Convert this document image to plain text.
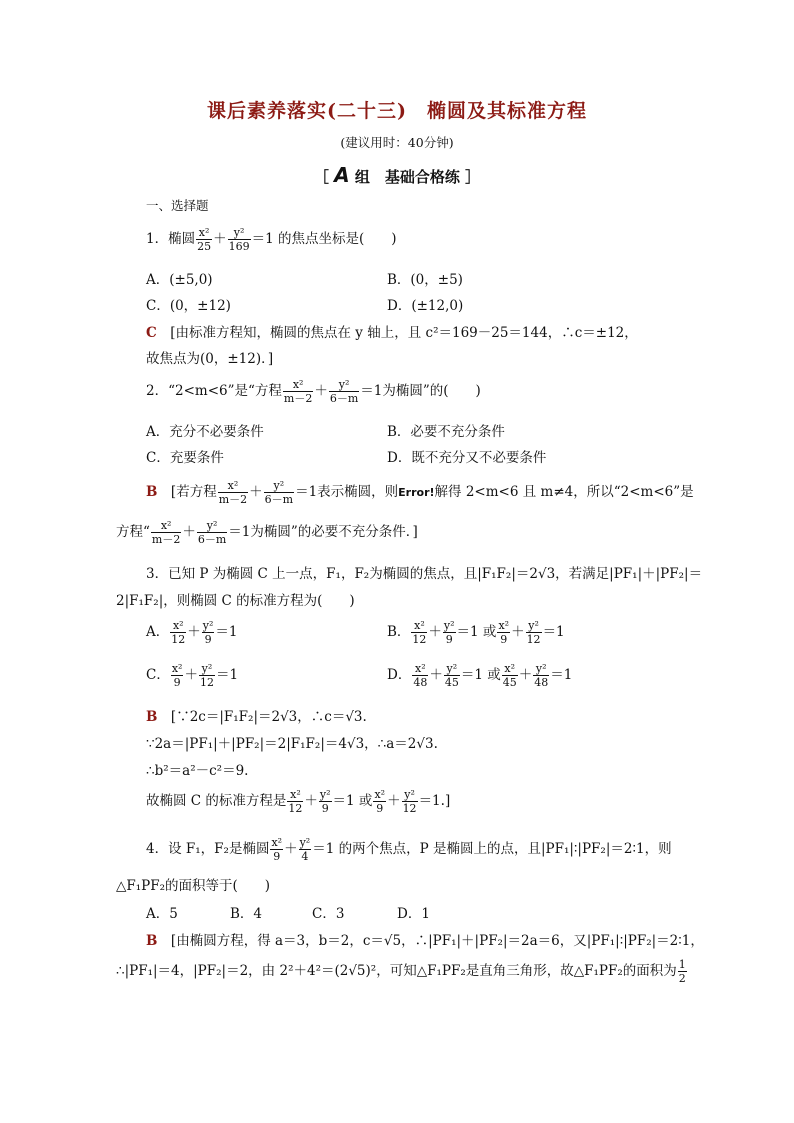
课后素养落实(二十三)　椭圆及其标准方程
(建议用时：40分钟)
［ A 组　基础合格练 ］
一、选择题
1．椭圆 $\frac{\text{x²}}{25} + \frac{\text{y²}}{169} =1$ 的焦点坐标是(　　)
A．(±5,0)	B．(0，±5)
C．(0，±12)	D．(±12,0)
C　 [由标准方程知，椭圆的焦点在 y 轴上，且 c²＝169－25＝144，∴c＝±12，
故焦点为(0，±12)．]
2．“2<m<6”是“方程 $\frac{\text{x²}}{m-2} + \frac{\text{y²}}{6-m} =1$为椭圆”的(　　)
A．充分不必要条件	B．必要不充分条件
C．充要条件	D．既不充分又不必要条件
B　 [若方程 $\frac{\text{x²}}{m-2} + \frac{\text{y²}}{6-m} =1$表示椭圆，则Error!解得 2<m<6 且 m≠4，所以“2<m<6”是
方程“ $\frac{\text{x²}}{m-2} + \frac{\text{y²}}{6-m} =1$为椭圆”的必要不充分条件．]
3．已知 P 为椭圆 C 上一点，F₁，F₂为椭圆的焦点，且|F₁F₂|＝2√3，若满足|PF₁|＋|PF₂|＝
2|F₁F₂|，则椭圆 C 的标准方程为(　　)
A． $\frac{\text{x²}}{12} + \frac{\text{y²}}{9} =1$	B． $\frac{\text{x²}}{12} + \frac{\text{y²}}{9} =1$ 或 $\frac{\text{x²}}{9} + \frac{\text{y²}}{12} =1$
C． $\frac{\text{x²}}{9} + \frac{\text{y²}}{12} =1$	D． $\frac{\text{x²}}{48} + \frac{\text{y²}}{45} =1$ 或 $\frac{\text{x²}}{45} + \frac{\text{y²}}{48} =1$
B　 [∵2c＝|F₁F₂|＝2√3，∴c＝√3.
∵2a＝|PF₁|＋|PF₂|＝2|F₁F₂|＝4√3，∴a＝2√3.
∴b²＝a²－c²＝9.
故椭圆 C 的标准方程是 $\frac{\text{x²}}{12} + \frac{\text{y²}}{9} =1$ 或 $\frac{\text{x²}}{9} + \frac{\text{y²}}{12} =1$.]
4．设 F₁，F₂是椭圆 $\frac{\text{x²}}{9} + \frac{\text{y²}}{4} =1$ 的两个焦点，P 是椭圆上的点，且|PF₁|∶|PF₂|＝2∶1，则
△F₁PF₂的面积等于(　　)
A．5	B．4	C．3	D．1
B　 [由椭圆方程，得 a＝3，b＝2，c＝√5，∴|PF₁|＋|PF₂|＝2a＝6，又|PF₁|∶|PF₂|＝2∶1，
∴|PF₁|＝4，|PF₂|＝2，由 2²＋4²＝(2√5)²，可知△F₁PF₂是直角三角形，故△F₁PF₂的面积为 $\frac{1}{2}$
